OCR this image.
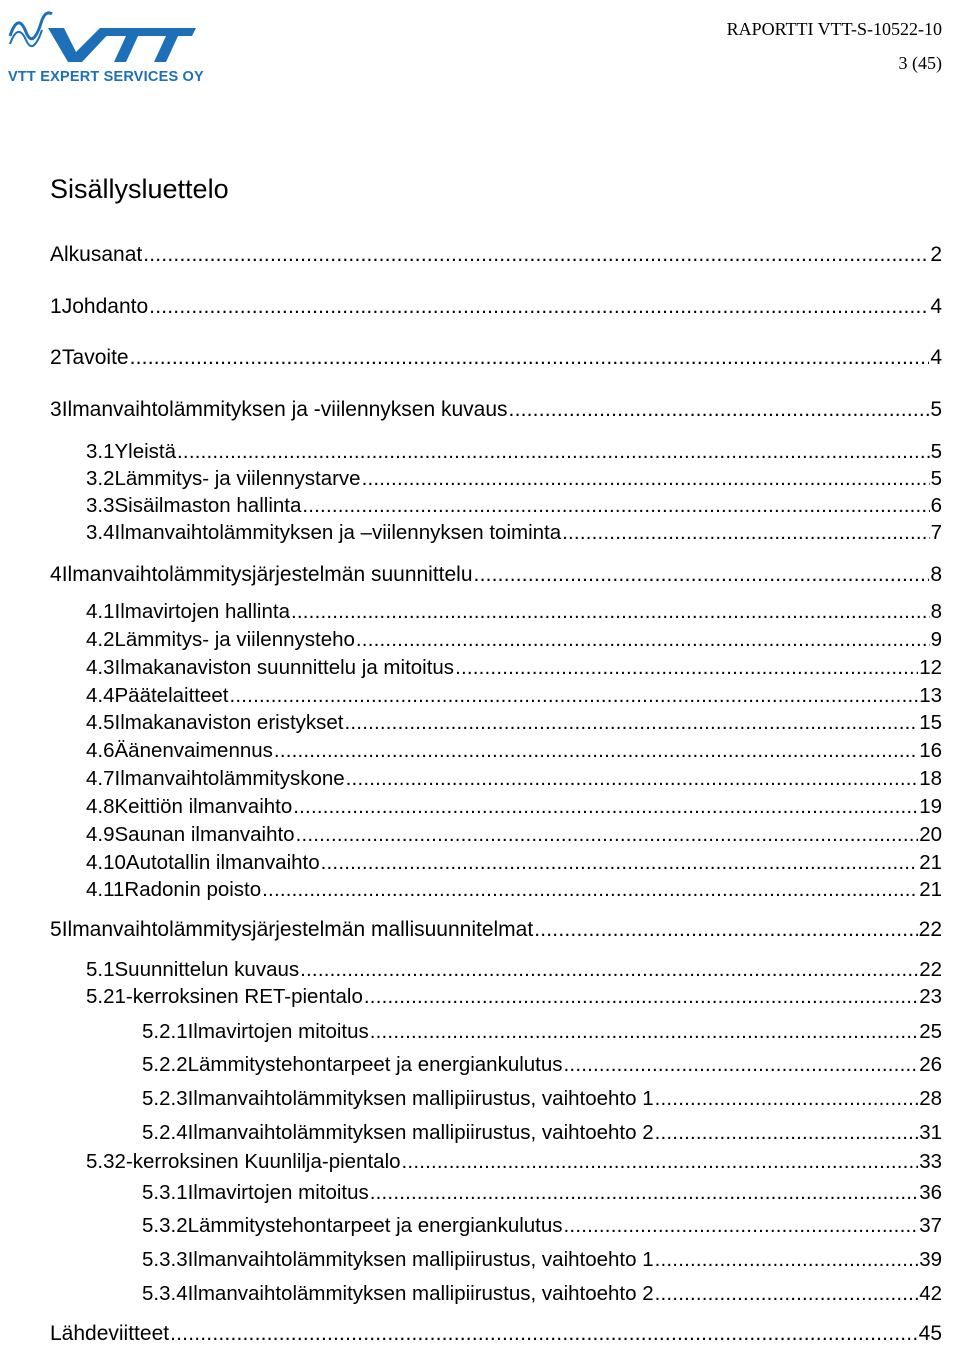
VTT EXPERT SERVICES OY
RAPORTTI VTT-S-10522-10
3 (45)
Sisällysluettelo
Alkusanat .....	2
1 Johdanto .....	4
2 Tavoite .....	4
3 Ilmanvaihtolämmityksen ja -viilennyksen kuvaus .....	5
3.1 Yleistä .....	5
3.2 Lämmitys- ja viilennystarve .....	5
3.3 Sisäilmaston hallinta .....	6
3.4 Ilmanvaihtolämmityksen ja –viilennyksen toiminta .....	7
4 Ilmanvaihtolämmitysjärjestelmän suunnittelu .....	8
4.1 Ilmavirtojen hallinta .....	8
4.2 Lämmitys- ja viilennysteho .....	9
4.3 Ilmakanaviston suunnittelu ja mitoitus .....	12
4.4 Päätelaitteet .....	13
4.5 Ilmakanaviston eristykset .....	15
4.6 Äänenvaimennus .....	16
4.7 Ilmanvaihtolämmityskone .....	18
4.8 Keittiön ilmanvaihto .....	19
4.9 Saunan ilmanvaihto .....	20
4.10 Autotallin ilmanvaihto .....	21
4.11 Radonin poisto .....	21
5 Ilmanvaihtolämmitysjärjestelmän mallisuunnitelmat .....	22
5.1 Suunnittelun kuvaus .....	22
5.2 1-kerroksinen RET-pientalo .....	23
5.2.1 Ilmavirtojen mitoitus .....	25
5.2.2 Lämmitystehontarpeet ja energiankulutus .....	26
5.2.3 Ilmanvaihtolämmityksen mallipiirustus, vaihtoehto 1 .....	28
5.2.4 Ilmanvaihtolämmityksen mallipiirustus, vaihtoehto 2 .....	31
5.3 2-kerroksinen Kuunlilja-pientalo .....	33
5.3.1 Ilmavirtojen mitoitus .....	36
5.3.2 Lämmitystehontarpeet ja energiankulutus .....	37
5.3.3 Ilmanvaihtolämmityksen mallipiirustus, vaihtoehto 1 .....	39
5.3.4 Ilmanvaihtolämmityksen mallipiirustus, vaihtoehto 2 .....	42
Lähdeviitteet .....	45
